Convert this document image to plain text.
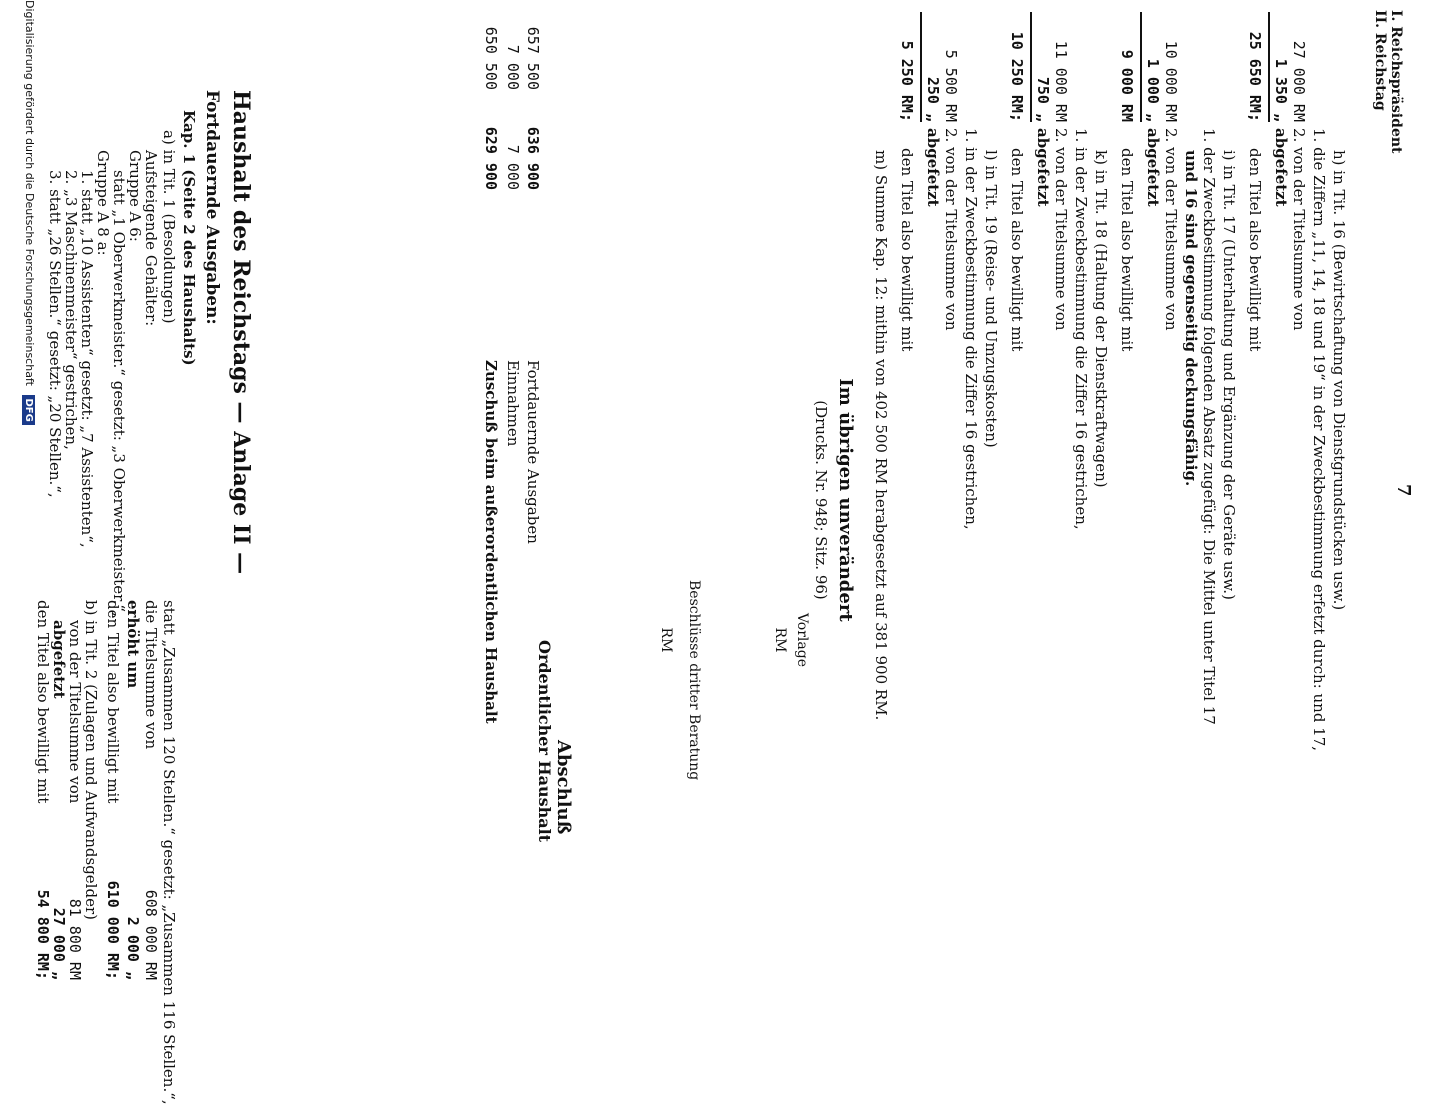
7
I. Reichspräsident
II. Reichstag
h) in Tit. 16 (Bewirtschaftung von Dienstgrundstücken usw.)
1. die Ziffern „11, 14, 18 und 19“ in der Zweckbestimmung erfetzt durch: und 17,
2. von der Titelsumme von
27 000 RM
abgefetzt
1 350 „
den Titel also bewilligt mit
25 650 RM;
i) in Tit. 17 (Unterhaltung und Ergänzung der Geräte usw.)
1. der Zweckbestimmung folgenden Absatz zugefügt: Die Mittel unter Titel 17
und 16 sind gegenseitig deckungsfähig.
2. von der Titelsumme von
10 000 RM
abgefetzt
1 000 „
den Titel also bewilligt mit
9 000 RM
k) in Tit. 18 (Haltung der Dienstkraftwagen)
1. in der Zweckbestimmung die Ziffer 16 gestrichen,
2. von der Titelsumme von
11 000 RM
abgefetzt
750 „
den Titel also bewilligt mit
10 250 RM;
l) in Tit. 19 (Reise- und Umzugskosten)
1. in der Zweckbestimmung die Ziffer 16 gestrichen,
2. von der Titelsumme von
5 500 RM
abgefetzt
250 „
den Titel also bewilligt mit
5 250 RM;
m) Summe Kap. 12: mithin von 402 500 RM herabgesetzt auf 381 900 RM.
Im übrigen unverändert
(Drucks. Nr. 948; Sitz. 96)
Abschluß
Ordentlicher Haushalt	Vorlage
RM
Beschlüsse dritter Beratung
RM
Fortdauernde Ausgaben
657 500
636 900
Einnahmen
7 000
7 000
Zuschuß beim außerordentlichen Haushalt
650 500
629 900
Haushalt des Reichstags — Anlage II —
Fortdauernde Ausgaben:
Kap. 1 (Seite 2 des Haushalts)
a) in Tit. 1 (Besoldungen)
Aufsteigende Gehälter:
Gruppe A 6:
statt „1 Oberwerkmeister.“ gesetzt: „3 Oberwerkmeister.“,
Gruppe A 8 a:
1. statt „10 Assistenten“ gesetzt: „7 Assistenten“,
2. „3 Maschinenmeister“ gestrichen,
3. statt „26 Stellen.“ gesetzt: „20 Stellen.“,
statt „Zusammen 120 Stellen.“ gesetzt: „Zusammen 116 Stellen.“,
die Titelsumme von
608 000 RM
erhöht um
2 000 „
den Titel also bewilligt mit
610 000 RM;
b) in Tit. 2 (Zulagen und Aufwandsgelder)
von der Titelsumme von
81 800 RM
abgefetzt
27 000 „
den Titel also bewilligt mit
54 800 RM;
Digitalisierung gefördert durch die Deutsche Forschungsgemeinschaft DFG
